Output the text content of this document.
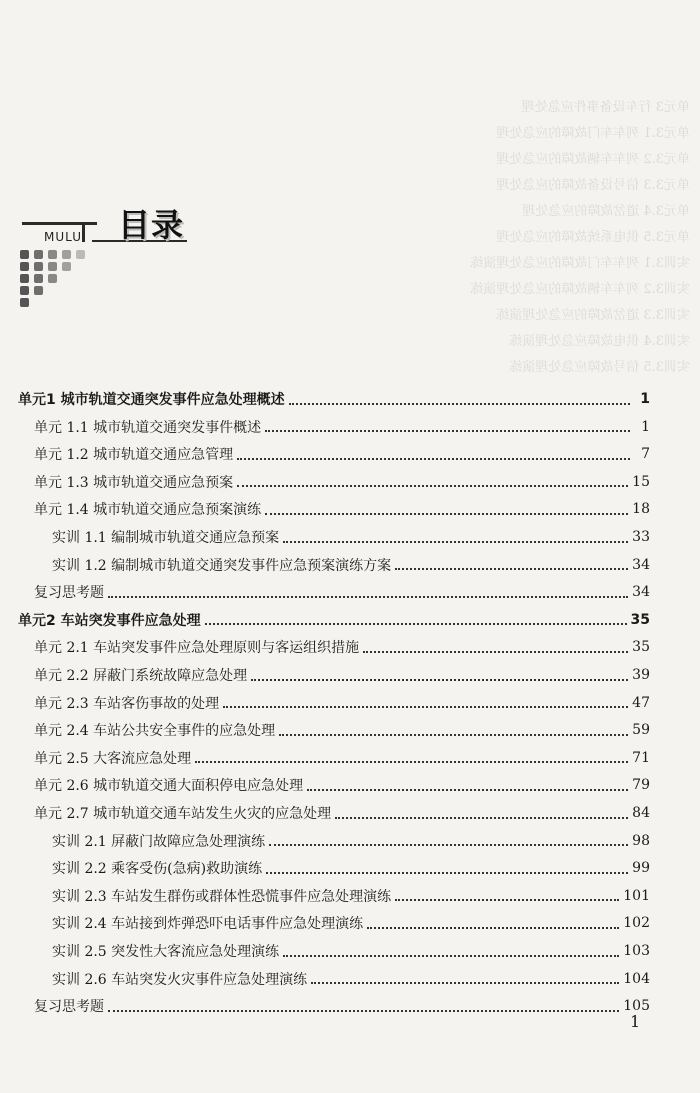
单元3 行车设备事件应急处理
单元3.1 列车车门故障的应急处理
单元3.2 列车车辆故障的应急处理
单元3.3 信号设备故障的应急处理
单元3.4 道岔故障的应急处理
单元3.5 供电系统故障的应急处理
实训3.1 列车车门故障的应急处理演练
实训3.2 列车车辆故障的应急处理演练
实训3.3 道岔故障的应急处理演练
实训3.4 供电故障应急处理演练
实训3.5 信号故障应急处理演练
目录
MULU
单元1 城市轨道交通突发事件应急处理概述	1
单元 1.1 城市轨道交通突发事件概述	1
单元 1.2 城市轨道交通应急管理	7
单元 1.3 城市轨道交通应急预案	15
单元 1.4 城市轨道交通应急预案演练	18
实训 1.1 编制城市轨道交通应急预案	33
实训 1.2 编制城市轨道交通突发事件应急预案演练方案	34
复习思考题	34
单元2 车站突发事件应急处理	35
单元 2.1 车站突发事件应急处理原则与客运组织措施	35
单元 2.2 屏蔽门系统故障应急处理	39
单元 2.3 车站客伤事故的处理	47
单元 2.4 车站公共安全事件的应急处理	59
单元 2.5 大客流应急处理	71
单元 2.6 城市轨道交通大面积停电应急处理	79
单元 2.7 城市轨道交通车站发生火灾的应急处理	84
实训 2.1 屏蔽门故障应急处理演练	98
实训 2.2 乘客受伤(急病)救助演练	99
实训 2.3 车站发生群伤或群体性恐慌事件应急处理演练	101
实训 2.4 车站接到炸弹恐吓电话事件应急处理演练	102
实训 2.5 突发性大客流应急处理演练	103
实训 2.6 车站突发火灾事件应急处理演练	104
复习思考题	105
1
